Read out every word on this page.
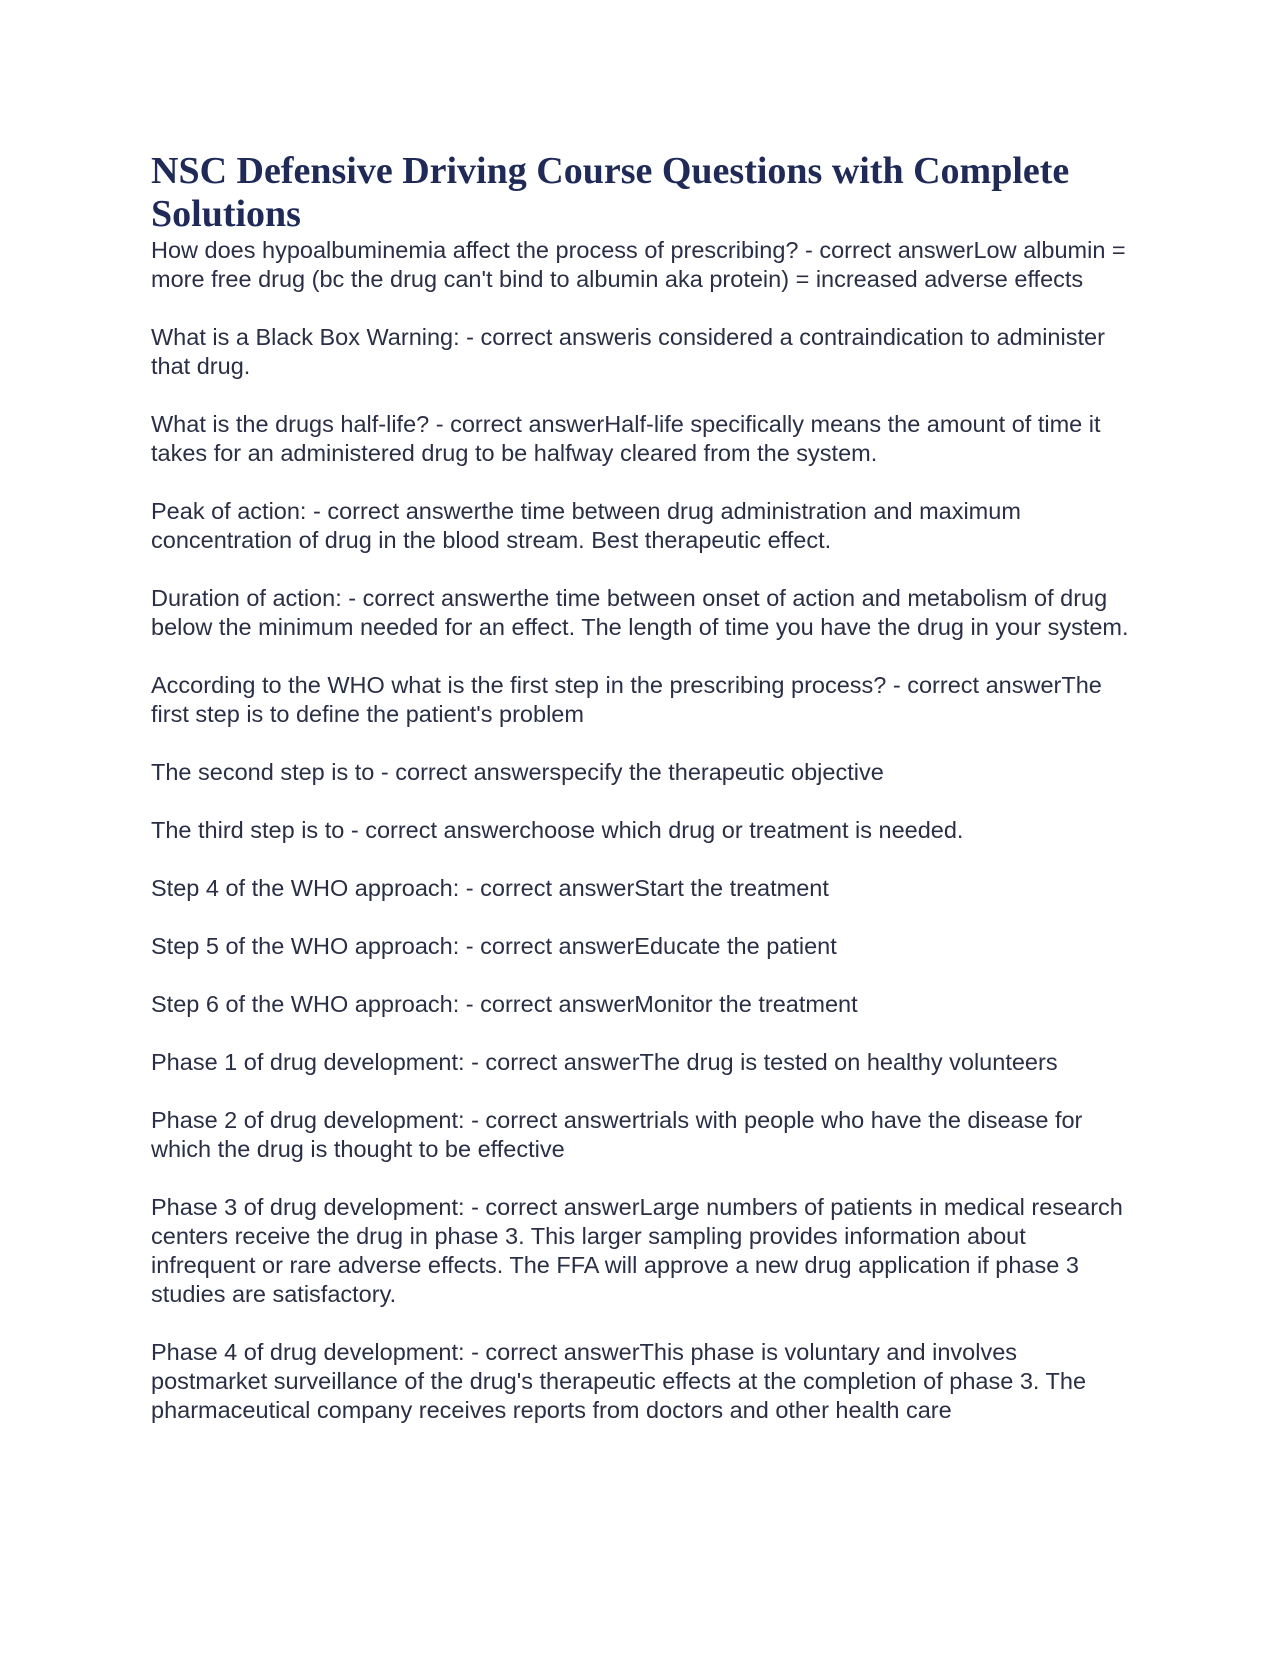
NSC Defensive Driving Course Questions with Complete Solutions

How does hypoalbuminemia affect the process of prescribing? - correct answerLow albumin = more free drug (bc the drug can't bind to albumin aka protein) = increased adverse effects

What is a Black Box Warning: - correct answeris considered a contraindication to administer that drug.

What is the drugs half-life? - correct answerHalf-life specifically means the amount of time it takes for an administered drug to be halfway cleared from the system.

Peak of action: - correct answerthe time between drug administration and maximum concentration of drug in the blood stream. Best therapeutic effect.

Duration of action: - correct answerthe time between onset of action and metabolism of drug below the minimum needed for an effect. The length of time you have the drug in your system.

According to the WHO what is the first step in the prescribing process? - correct answerThe first step is to define the patient's problem

The second step is to - correct answerspecify the therapeutic objective

The third step is to - correct answerchoose which drug or treatment is needed.

Step 4 of the WHO approach: - correct answerStart the treatment

Step 5 of the WHO approach: - correct answerEducate the patient

Step 6 of the WHO approach: - correct answerMonitor the treatment

Phase 1 of drug development: - correct answerThe drug is tested on healthy volunteers

Phase 2 of drug development: - correct answertrials with people who have the disease for which the drug is thought to be effective

Phase 3 of drug development: - correct answerLarge numbers of patients in medical research centers receive the drug in phase 3. This larger sampling provides information about infrequent or rare adverse effects. The FFA will approve a new drug application if phase 3 studies are satisfactory.

Phase 4 of drug development: - correct answerThis phase is voluntary and involves postmarket surveillance of the drug's therapeutic effects at the completion of phase 3. The pharmaceutical company receives reports from doctors and other health care
